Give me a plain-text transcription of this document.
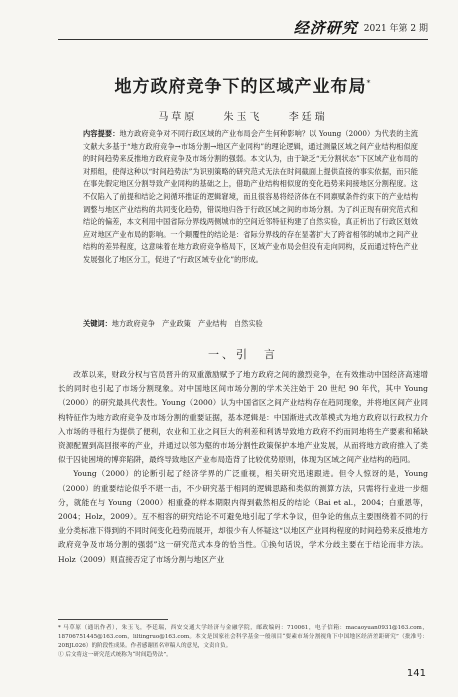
经济研究 2021 年第 2 期
地方政府竞争下的区域产业布局*
马草原	朱玉飞	李廷瑞
内容提要：地方政府竞争对不同行政区域的产业布局会产生何种影响？以 Young（2000）为代表的主流文献大多基于“地方政府竞争→市场分割→地区产业同构”的理论逻辑，通过测量区域之间产业结构相似度的时间趋势来反推地方政府竞争及市场分割的强弱。本文认为，由于缺乏“无分割状态”下区域产业布局的对照组，使得这种以“时间趋势法”为识别策略的研究范式无法在时间截面上提供直接的事实依据，而只能在事先假定地区分割导致产业同构的基础之上，借助产业结构相似度的变化趋势来间接地区分割程度。这不仅陷入了前提和结论之间循环推证的逻辑窘境，而且很容易将经济体在不同禀赋条件约束下的产业结构调整与地区产业结构的共同变化趋势，错误地归咎于行政区域之间的市场分割。为了纠正现有研究范式和结论的偏差，本文利用中国省际分界线两侧城市的空间近邻特征构建了自然实验，真正析出了行政区划效应对地区产业布局的影响。一个颠覆性的结论是：省际分界线的存在显著扩大了跨省相邻的城市之间产业结构的差异程度，这意味着在地方政府竞争格局下，区域产业布局会但没有走向同构，反而通过特色产业发展强化了地区分工，促进了“行政区域专业化”的形成。
关键词：地方政府竞争　产业政策　产业结构　自然实验
一、引　言

改革以来，财政分权与官员晋升的双重激励赋予了地方政府之间的激烈竞争，在有效推动中国经济高速增长的同时也引起了市场分割现象。对中国地区间市场分割的学术关注始于 20 世纪 90 年代，其中 Young（2000）的研究最具代表性。Young（2000）认为中国省区之间产业结构存在趋同现象，并将地区间产业同构特征作为地方政府竞争及市场分割的重要证据，基本逻辑是：中国渐进式改革模式为地方政府以行政权力介入市场的寻租行为提供了便利，农业和工业之间巨大的利差和利诱导致地方政府不约而同地将生产要素和稀缺资源配置到高回报率的产业，并通过以邻为壑的市场分割性政策保护本地产业发展，从而将地方政府推入了类似于囚徒困境的博弈陷阱，最终导致地区产业布局造背了比较优势原则，体现为区域之间产业结构的趋同。

Young（2000）的论断引起了经济学界的广泛重视，相关研究迅速跟进。但令人惊讶的是，Young（2000）的重要结论似乎不堪一击，不少研究基于相同的逻辑思路和类似的测算方法，只需将行业进一步细分，就能在与 Young（2000）相重叠的样本期限内得到截然相反的结论（Bai et al.，2004；白重恩等，2004；Holz，2009）。互不相容的研究结论不可避免地引起了学术争议，但争论的焦点主要围绕着不同的行业分类标准下得到的不同时间变化趋势而展开，却很少有人怀疑这“以地区产业同构程度的时间趋势来反推地方政府竞争及市场分割的强弱”这一研究范式本身的恰当性。①换句话说，学术分歧主要在于结论而非方法。Holz（2009）则直接否定了市场分割与地区产业

* 马草原（通讯作者），朱玉飞，李廷瑞，西安交通大学经济与金融学院，邮政编码：710061，电子信箱：macaoyuan0931@163.com，18706751445@163.com，liltingruo@163.com。本文是国家社会科学基金一般项目“要素市场分割视角下中国地区经济差距研究”（批准号：20BJL026）的阶段性成果。作者感谢匿名审稿人的意见，文责自负。

① 后文将这一研究范式统称为“时间趋势法”。

141
